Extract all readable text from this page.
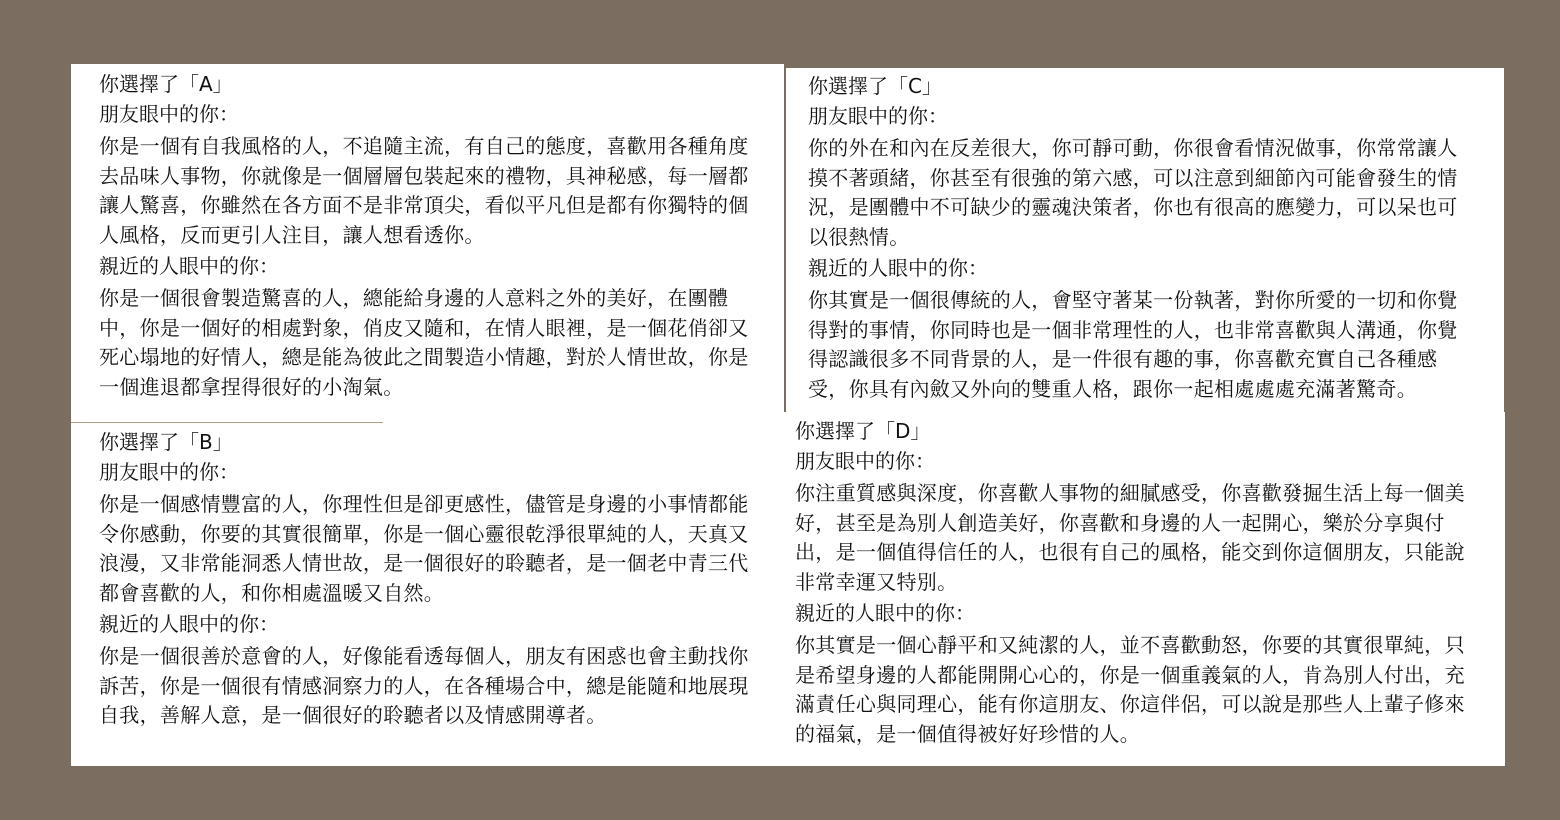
你選擇了「A」
朋友眼中的你：
你是一個有自我風格的人，不追隨主流，有自己的態度，喜歡用各種角度去品味人事物，你就像是一個層層包裝起來的禮物，具神秘感，每一層都讓人驚喜，你雖然在各方面不是非常頂尖，看似平凡但是都有你獨特的個人風格，反而更引人注目，讓人想看透你。
親近的人眼中的你：
你是一個很會製造驚喜的人，總能給身邊的人意料之外的美好，在團體中，你是一個好的相處對象，俏皮又隨和，在情人眼裡，是一個花俏卻又死心塌地的好情人，總是能為彼此之間製造小情趣，對於人情世故，你是一個進退都拿捏得很好的小淘氣。
你選擇了「B」
朋友眼中的你：
你是一個感情豐富的人，你理性但是卻更感性，儘管是身邊的小事情都能令你感動，你要的其實很簡單，你是一個心靈很乾淨很單純的人，天真又浪漫，又非常能洞悉人情世故，是一個很好的聆聽者，是一個老中青三代都會喜歡的人，和你相處溫暖又自然。
親近的人眼中的你：
你是一個很善於意會的人，好像能看透每個人，朋友有困惑也會主動找你訴苦，你是一個很有情感洞察力的人，在各種場合中，總是能隨和地展現自我，善解人意，是一個很好的聆聽者以及情感開導者。
你選擇了「C」
朋友眼中的你：
你的外在和內在反差很大，你可靜可動，你很會看情況做事，你常常讓人摸不著頭緒，你甚至有很強的第六感，可以注意到細節內可能會發生的情況，是團體中不可缺少的靈魂決策者，你也有很高的應變力，可以呆也可以很熱情。
親近的人眼中的你：
你其實是一個很傳統的人，會堅守著某一份執著，對你所愛的一切和你覺得對的事情，你同時也是一個非常理性的人，也非常喜歡與人溝通，你覺得認識很多不同背景的人，是一件很有趣的事，你喜歡充實自己各種感受，你具有內斂又外向的雙重人格，跟你一起相處處處充滿著驚奇。
你選擇了「D」
朋友眼中的你：
你注重質感與深度，你喜歡人事物的細膩感受，你喜歡發掘生活上每一個美好，甚至是為別人創造美好，你喜歡和身邊的人一起開心，樂於分享與付出，是一個值得信任的人，也很有自己的風格，能交到你這個朋友，只能說非常幸運又特別。
親近的人眼中的你：
你其實是一個心靜平和又純潔的人，並不喜歡動怒，你要的其實很單純，只是希望身邊的人都能開開心心的，你是一個重義氣的人，肯為別人付出，充滿責任心與同理心，能有你這朋友、你這伴侶，可以說是那些人上輩子修來的福氣，是一個值得被好好珍惜的人。
